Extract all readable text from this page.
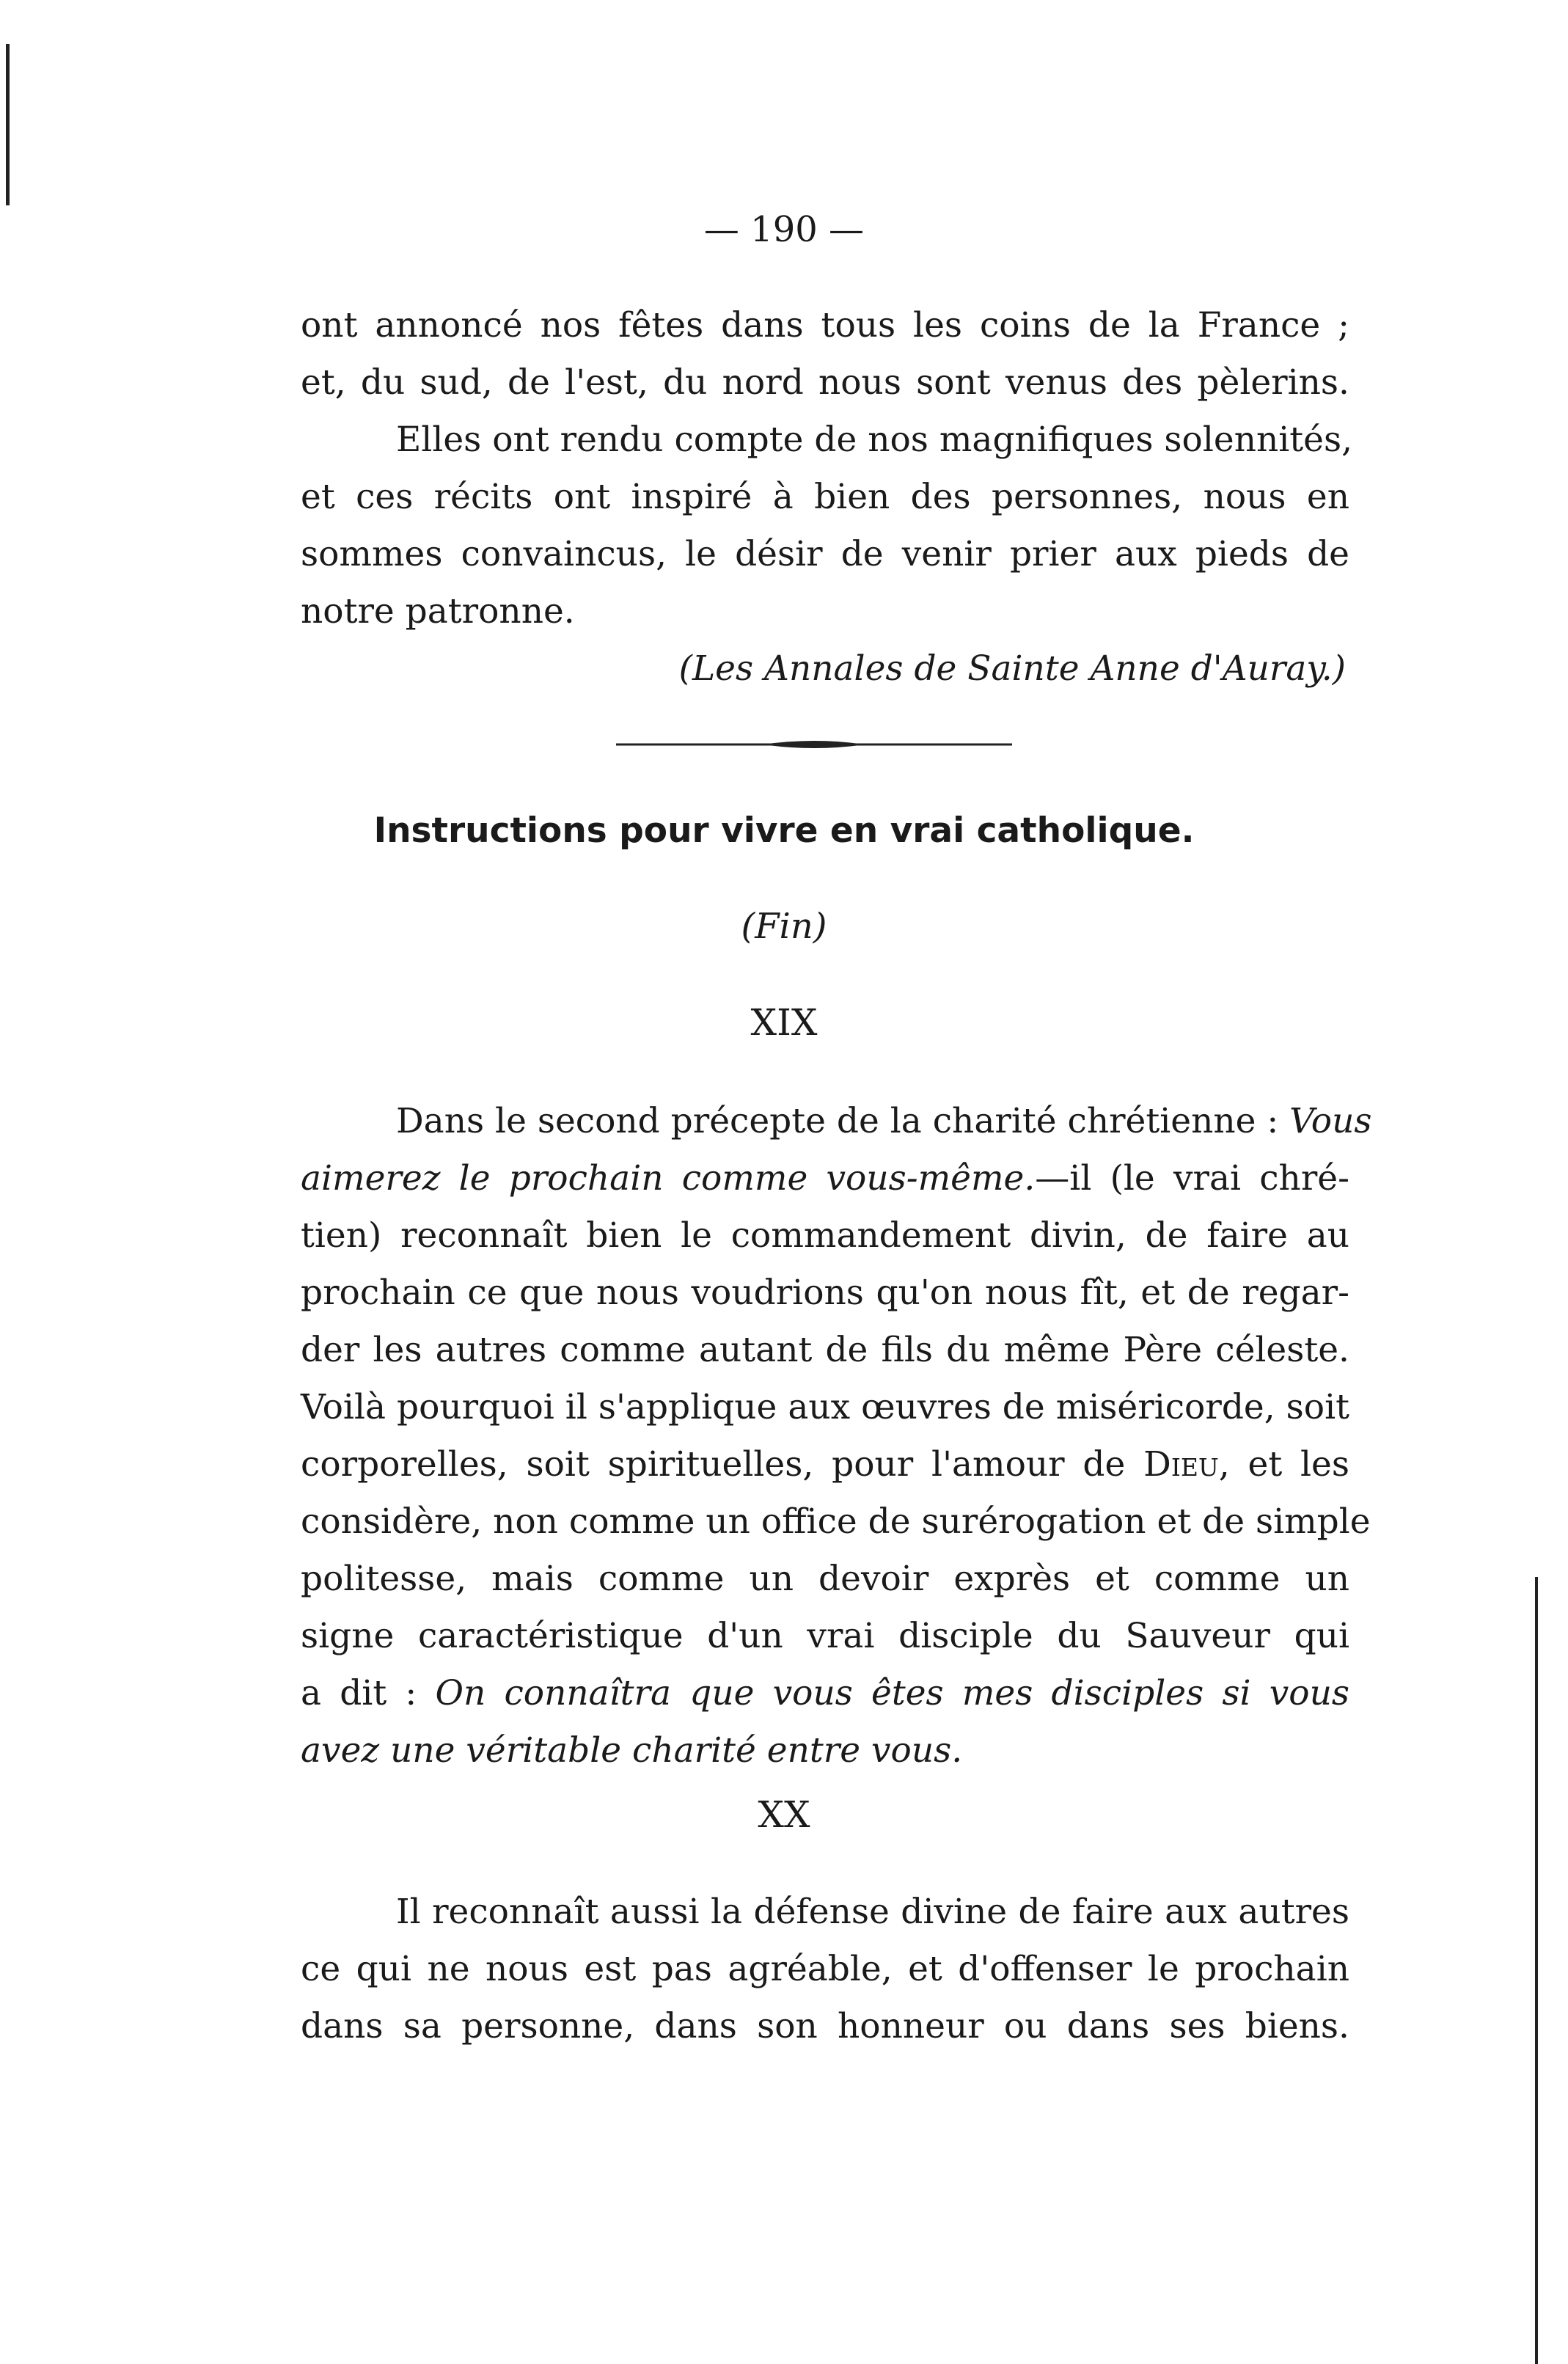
— 190 —
ont annoncé nos fêtes dans tous les coins de la France ;
et, du sud, de l'est, du nord nous sont venus des pèlerins.
Elles ont rendu compte de nos magnifiques solennités,
et ces récits ont inspiré à bien des personnes, nous en
sommes convaincus, le désir de venir prier aux pieds de
notre patronne.
(Les Annales de Sainte Anne d'Auray.)
Instructions pour vivre en vrai catholique.
(Fin)
XIX
Dans le second précepte de la charité chrétienne : Vous
aimerez le prochain comme vous-même.—il (le vrai chré-
tien) reconnaît bien le commandement divin, de faire au
prochain ce que nous voudrions qu'on nous fît, et de regar-
der les autres comme autant de fils du même Père céleste.
Voilà pourquoi il s'applique aux œuvres de miséricorde, soit
corporelles, soit spirituelles, pour l'amour de Dieu, et les
considère, non comme un office de surérogation et de simple
politesse, mais comme un devoir exprès et comme un
signe caractéristique d'un vrai disciple du Sauveur qui
a dit : On connaîtra que vous êtes mes disciples si vous
avez une véritable charité entre vous.
XX
Il reconnaît aussi la défense divine de faire aux autres
ce qui ne nous est pas agréable, et d'offenser le prochain
dans sa personne, dans son honneur ou dans ses biens.
